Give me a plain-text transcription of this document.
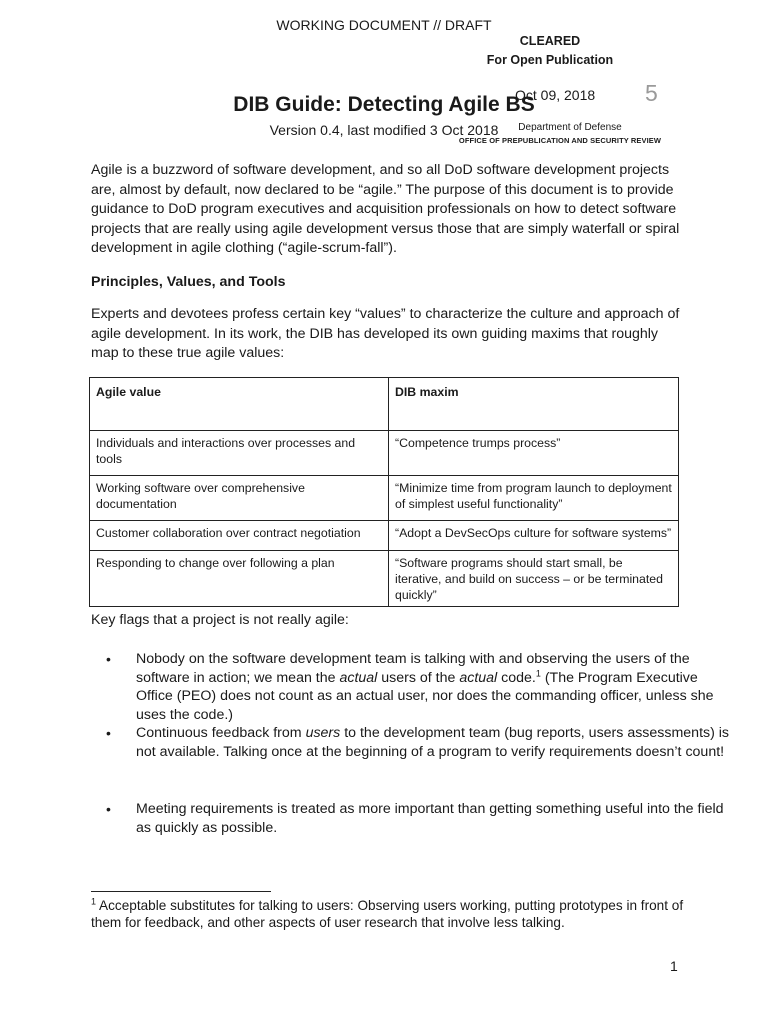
WORKING DOCUMENT // DRAFT
CLEARED
For Open Publication
Oct 09, 2018 5
DIB Guide: Detecting Agile BS
Version 0.4, last modified 3 Oct 2018	Department of Defense
OFFICE OF PREPUBLICATION AND SECURITY REVIEW
Agile is a buzzword of software development, and so all DoD software development projects are, almost by default, now declared to be “agile.” The purpose of this document is to provide guidance to DoD program executives and acquisition professionals on how to detect software projects that are really using agile development versus those that are simply waterfall or spiral development in agile clothing (“agile-scrum-fall”).
Principles, Values, and Tools
Experts and devotees profess certain key “values” to characterize the culture and approach of agile development. In its work, the DIB has developed its own guiding maxims that roughly map to these true agile values:
Agile value	DIB maxim
Individuals and interactions over processes and tools	“Competence trumps process”
Working software over comprehensive documentation	“Minimize time from program launch to deployment of simplest useful functionality”
Customer collaboration over contract negotiation	“Adopt a DevSecOps culture for software systems”
Responding to change over following a plan	“Software programs should start small, be iterative, and build on success – or be terminated quickly”
Key flags that a project is not really agile:
• Nobody on the software development team is talking with and observing the users of the software in action; we mean the actual users of the actual code.$^1$ (The Program Executive Office (PEO) does not count as an actual user, nor does the commanding officer, unless she uses the code.)
• Continuous feedback from users to the development team (bug reports, users assessments) is not available. Talking once at the beginning of a program to verify requirements doesn’t count!
• Meeting requirements is treated as more important than getting something useful into the field as quickly as possible.
$^1$ Acceptable substitutes for talking to users: Observing users working, putting prototypes in front of them for feedback, and other aspects of user research that involve less talking.
1
